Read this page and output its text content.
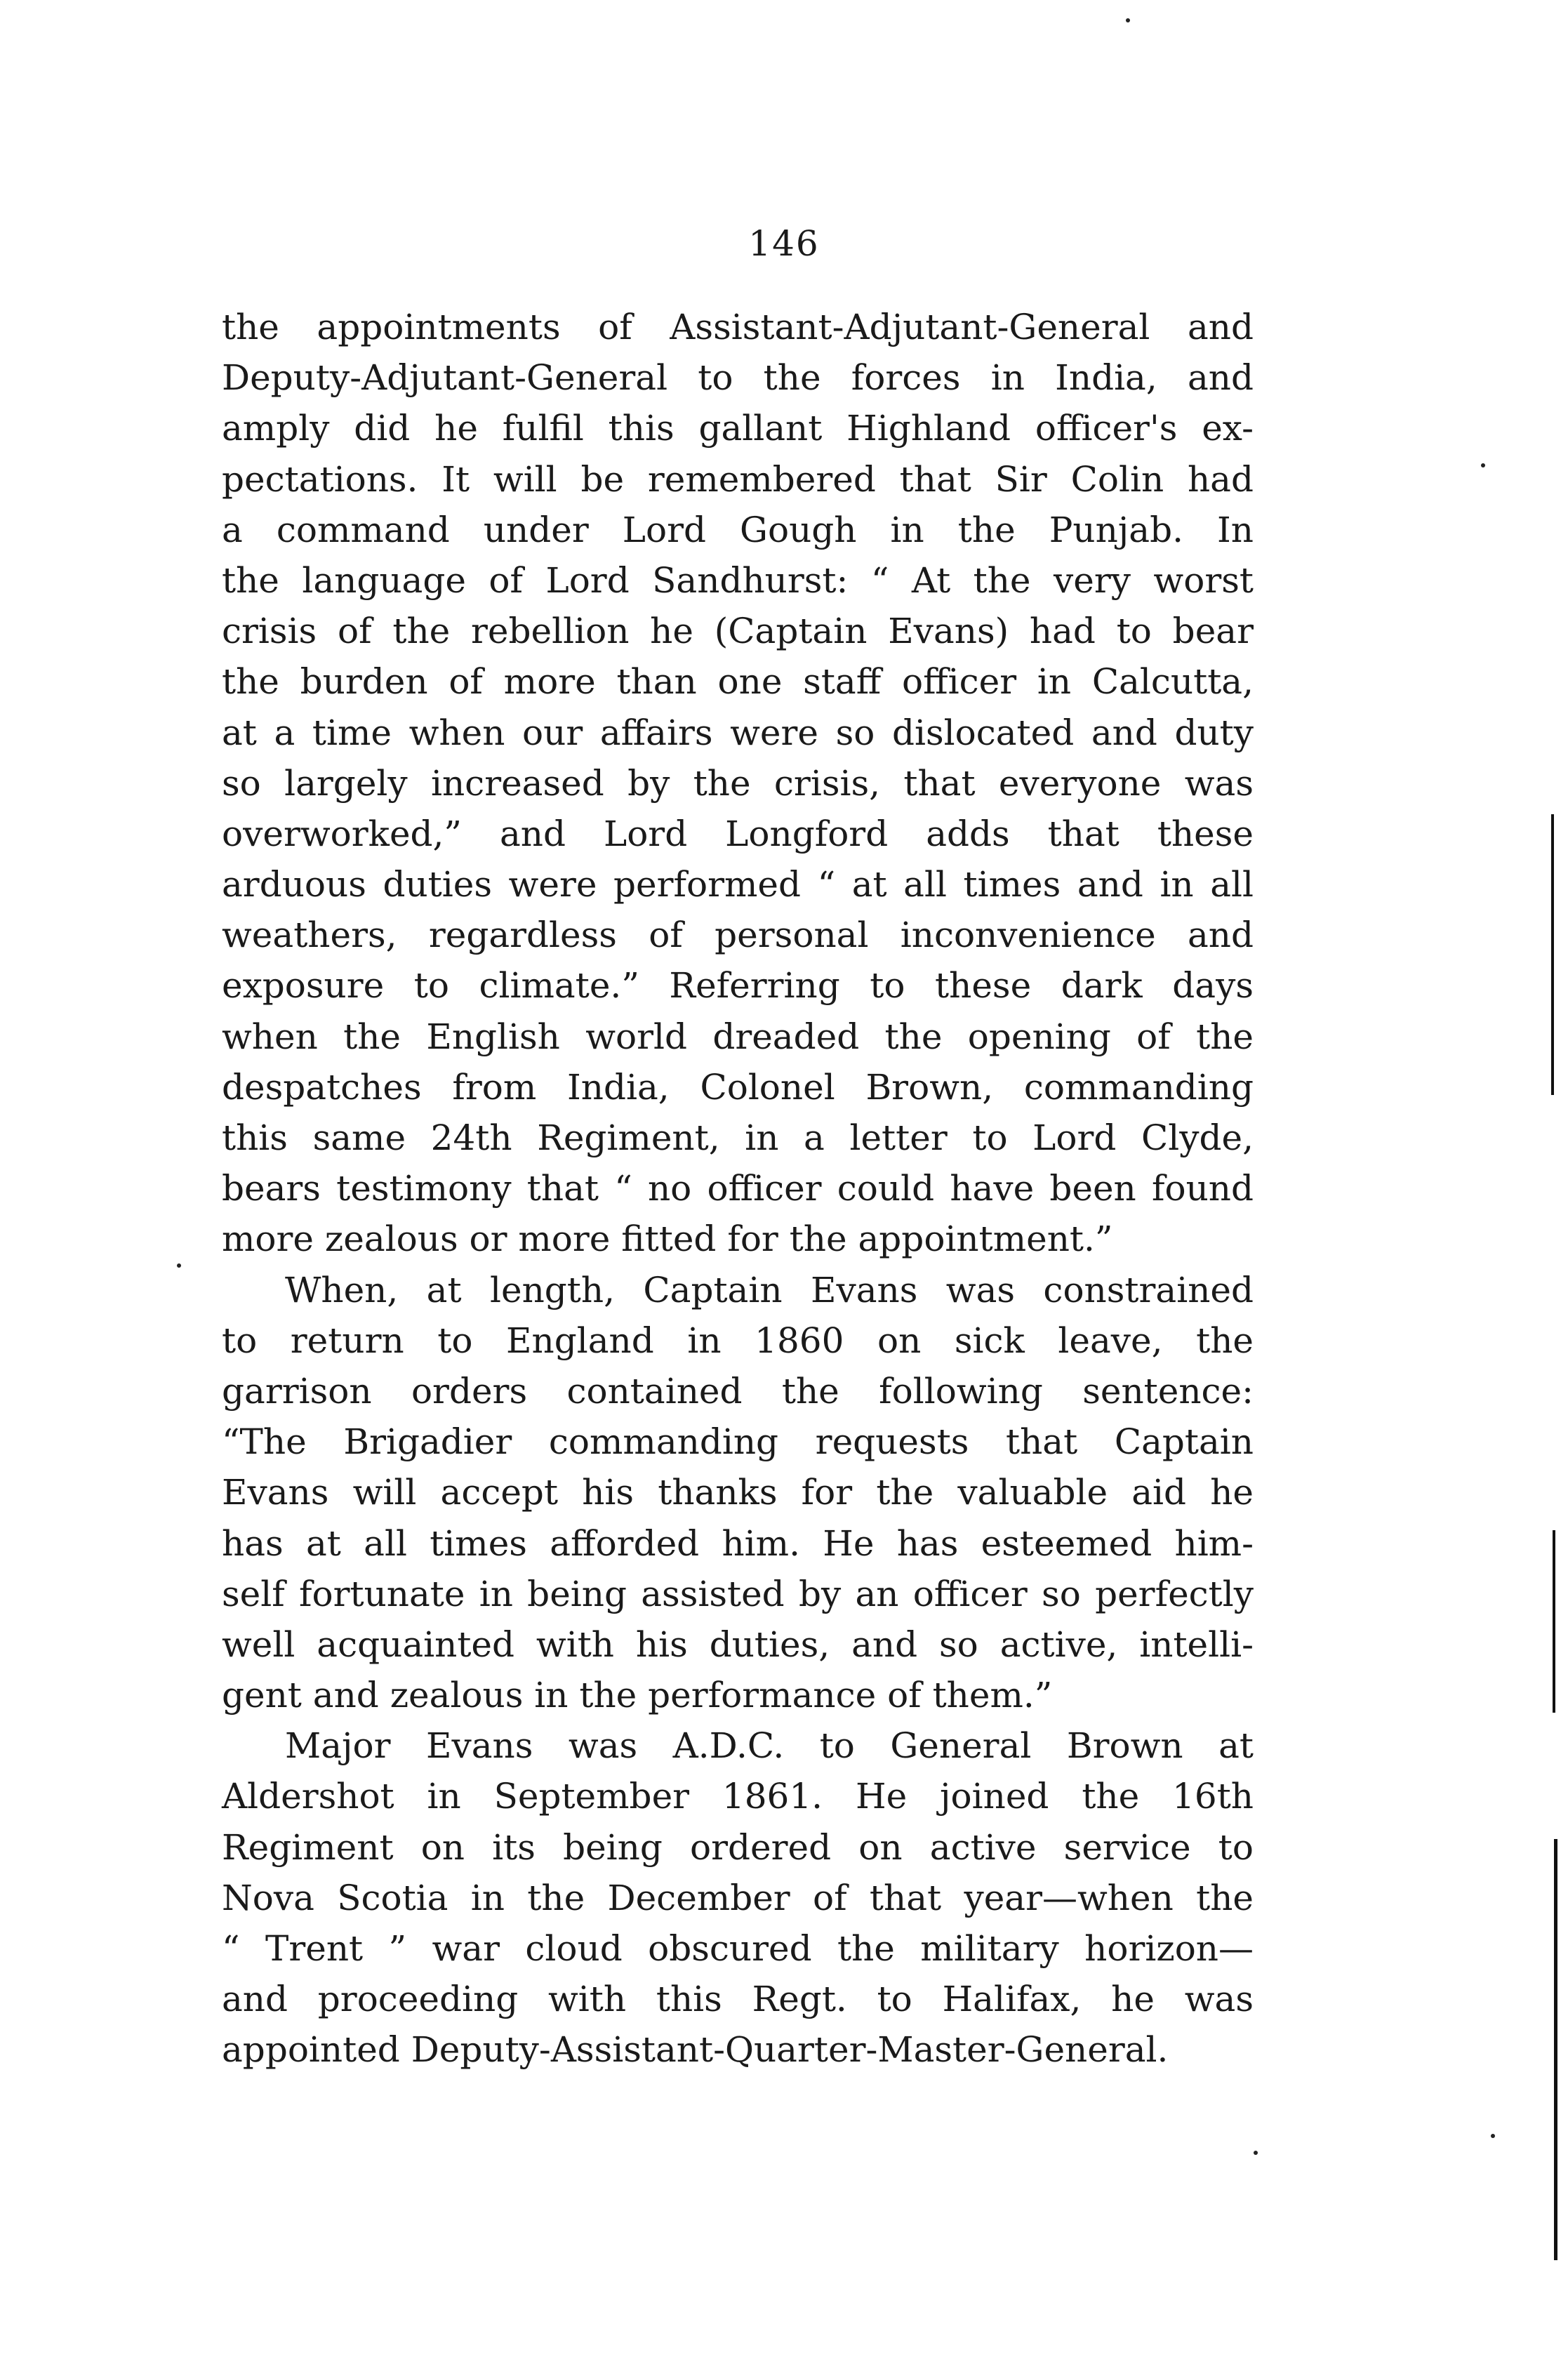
146
the appointments of Assistant-Adjutant-General and
Deputy-Adjutant-General to the forces in India, and
amply did he fulfil this gallant Highland officer's ex-
pectations. It will be remembered that Sir Colin had
a command under Lord Gough in the Punjab. In
the language of Lord Sandhurst: “ At the very worst
crisis of the rebellion he (Captain Evans) had to bear
the burden of more than one staff officer in Calcutta,
at a time when our affairs were so dislocated and duty
so largely increased by the crisis, that everyone was
overworked,” and Lord Longford adds that these
arduous duties were performed “ at all times and in all
weathers, regardless of personal inconvenience and
exposure to climate.” Referring to these dark days
when the English world dreaded the opening of the
despatches from India, Colonel Brown, commanding
this same 24th Regiment, in a letter to Lord Clyde,
bears testimony that “ no officer could have been found
more zealous or more fitted for the appointment.”
When, at length, Captain Evans was constrained
to return to England in 1860 on sick leave, the
garrison orders contained the following sentence:
“The Brigadier commanding requests that Captain
Evans will accept his thanks for the valuable aid he
has at all times afforded him. He has esteemed him-
self fortunate in being assisted by an officer so perfectly
well acquainted with his duties, and so active, intelli-
gent and zealous in the performance of them.”
Major Evans was A.D.C. to General Brown at
Aldershot in September 1861. He joined the 16th
Regiment on its being ordered on active service to
Nova Scotia in the December of that year—when the
“ Trent ” war cloud obscured the military horizon—
and proceeding with this Regt. to Halifax, he was
appointed Deputy-Assistant-Quarter-Master-General.
